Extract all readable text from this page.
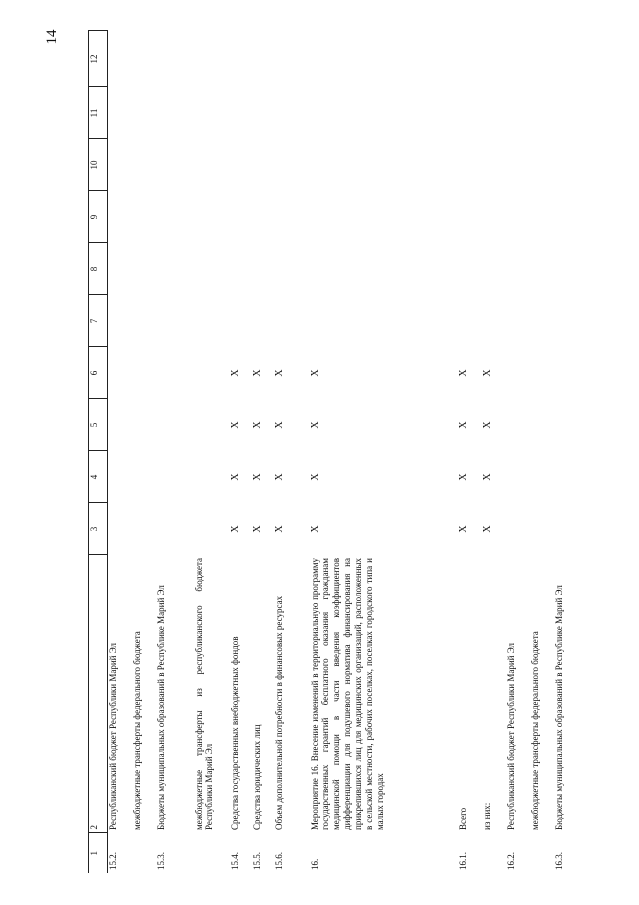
14
1	2	3	4	5	6	7	8	9	10	11	12
15.2.	Республиканский бюджет Республики Марий Эл										
	межбюджетные трансферты федерального бюджета										
15.3.	Бюджеты муниципальных образований в Республике Марий Эл										
	межбюджетные трансферты из республиканского бюджета Республики Марий Эл										
15.4.	Средства государственных внебюджетных фондов	X	X	X	X						
15.5.	Средства юридических лиц	X	X	X	X						
15.6.	Объем дополнительной потребности в финансовых ресурсах	X	X	X	X						
16.	Мероприятие 16. Внесение изменений в территориальную программу государственных гарантий бесплатного оказания гражданам медицинской помощи в части введения коэффициентов дифференциации для подушевого норматива финансирования на прикрепившихся лиц для медицинских организаций, расположенных в сельской местности, рабочих поселках, поселках городского типа и малых городах	X	X	X	X						
16.1.	Всего	X	X	X	X						
	из них:	X	X	X	X						
16.2.	Республиканский бюджет Республики Марий Эл										
	межбюджетные трансферты федерального бюджета										
16.3.	Бюджеты муниципальных образований в Республике Марий Эл										
